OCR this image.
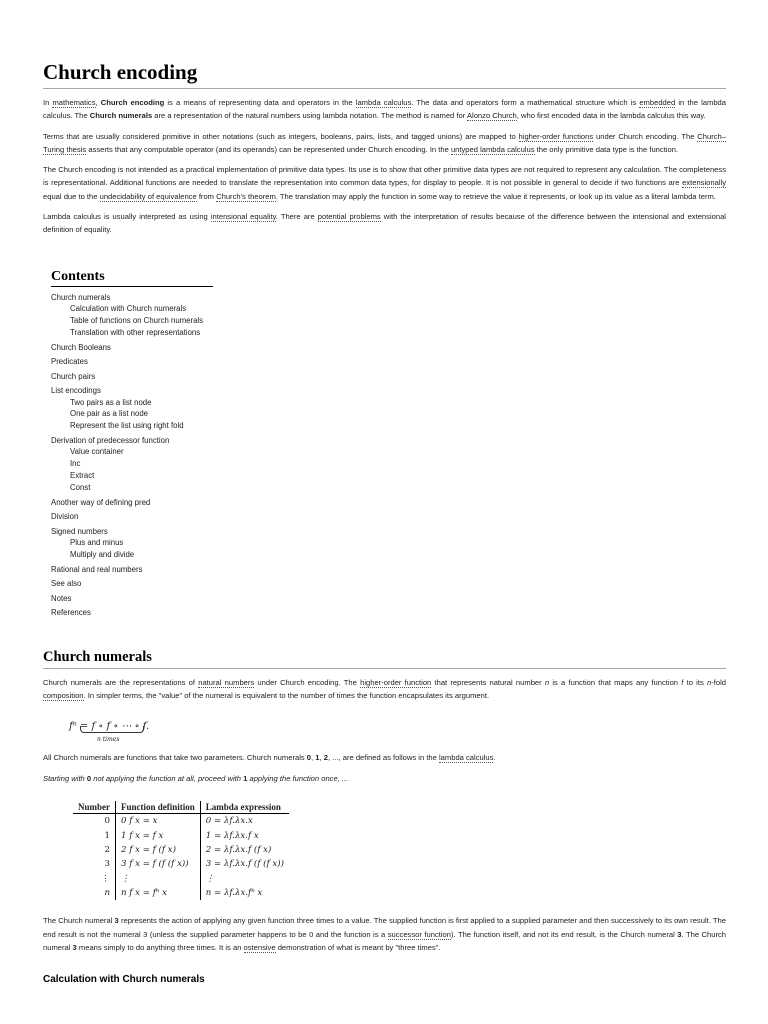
Church encoding

In mathematics, Church encoding is a means of representing data and operators in the lambda calculus. The data and operators form a mathematical structure which is embedded in the lambda calculus. The Church numerals are a representation of the natural numbers using lambda notation. The method is named for Alonzo Church, who first encoded data in the lambda calculus this way.

Terms that are usually considered primitive in other notations (such as integers, booleans, pairs, lists, and tagged unions) are mapped to higher-order functions under Church encoding. The Church–Turing thesis asserts that any computable operator (and its operands) can be represented under Church encoding. In the untyped lambda calculus the only primitive data type is the function.

The Church encoding is not intended as a practical implementation of primitive data types. Its use is to show that other primitive data types are not required to represent any calculation. The completeness is representational. Additional functions are needed to translate the representation into common data types, for display to people. It is not possible in general to decide if two functions are extensionally equal due to the undecidability of equivalence from Church's theorem. The translation may apply the function in some way to retrieve the value it represents, or look up its value as a literal lambda term.

Lambda calculus is usually interpreted as using intensional equality. There are potential problems with the interpretation of results because of the difference between the intensional and extensional definition of equality.

Contents
Church numerals
Calculation with Church numerals
Table of functions on Church numerals
Translation with other representations
Church Booleans
Predicates
Church pairs
List encodings
Two pairs as a list node
One pair as a list node
Represent the list using right fold
Derivation of predecessor function
Value container
Inc
Extract
Const
Another way of defining pred
Division
Signed numbers
Plus and minus
Multiply and divide
Rational and real numbers
See also
Notes
References
Church numerals

Church numerals are the representations of natural numbers under Church encoding. The higher-order function that represents natural number n is a function that maps any function f to its n-fold composition. In simpler terms, the "value" of the numeral is equivalent to the number of times the function encapsulates its argument.

fⁿ = f ∘ f ∘ ⋯ ∘ f.
n times

All Church numerals are functions that take two parameters. Church numerals 0, 1, 2, ..., are defined as follows in the lambda calculus.

Starting with 0 not applying the function at all, proceed with 1 applying the function once, ...

Number	Function definition	Lambda expression
0	0 f x = x	0 = λf.λx.x
1	1 f x = f x	1 = λf.λx.f x
2	2 f x = f (f x)	2 = λf.λx.f (f x)
3	3 f x = f (f (f x))	3 = λf.λx.f (f (f x))
⋮	⋮	⋮
n	n f x = fⁿ x	n = λf.λx.fⁿ x

The Church numeral 3 represents the action of applying any given function three times to a value. The supplied function is first applied to a supplied parameter and then successively to its own result. The end result is not the numeral 3 (unless the supplied parameter happens to be 0 and the function is a successor function). The function itself, and not its end result, is the Church numeral 3. The Church numeral 3 means simply to do anything three times. It is an ostensive demonstration of what is meant by "three times".

Calculation with Church numerals
